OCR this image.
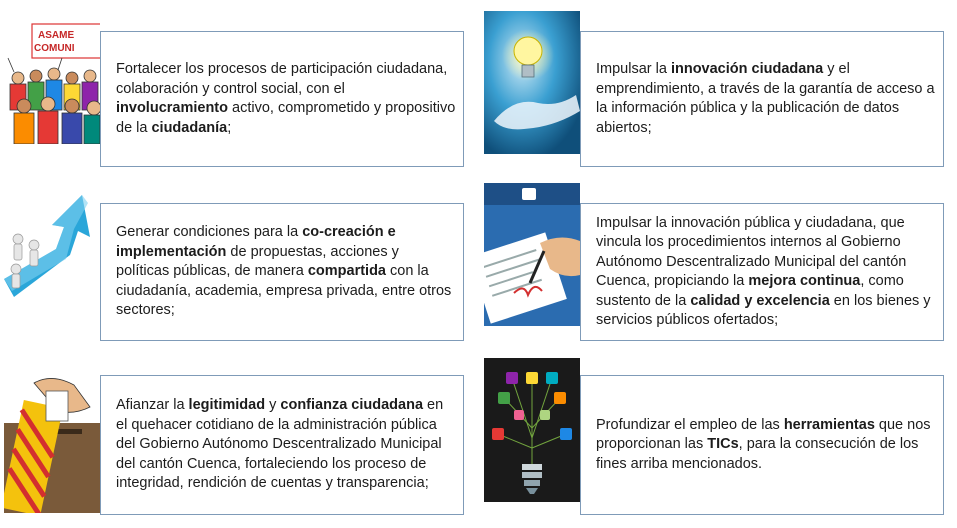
Fortalecer los procesos de participación ciudadana, colaboración y control social, con el involucramiento activo, comprometido y propositivo de la ciudadanía;
Generar condiciones para la co-creación e implementación de propuestas, acciones y políticas públicas, de manera compartida con la ciudadanía, academia, empresa privada, entre otros sectores;
Afianzar la legitimidad y confianza ciudadana en el quehacer cotidiano de la administración pública del Gobierno Autónomo Descentralizado Municipal del cantón Cuenca, fortaleciendo los proceso de integridad, rendición de cuentas y transparencia;
Impulsar la innovación ciudadana y el emprendimiento, a través de la garantía de acceso a la información pública y la publicación de datos abiertos;
Impulsar la innovación pública y ciudadana, que vincula los procedimientos internos al Gobierno Autónomo Descentralizado Municipal del cantón Cuenca, propiciando la mejora continua, como sustento de la calidad y excelencia en los bienes y servicios públicos ofertados;
Profundizar el empleo de las herramientas que nos proporcionan las TICs, para la consecución de los fines arriba mencionados.
ASAME
COMUNI
